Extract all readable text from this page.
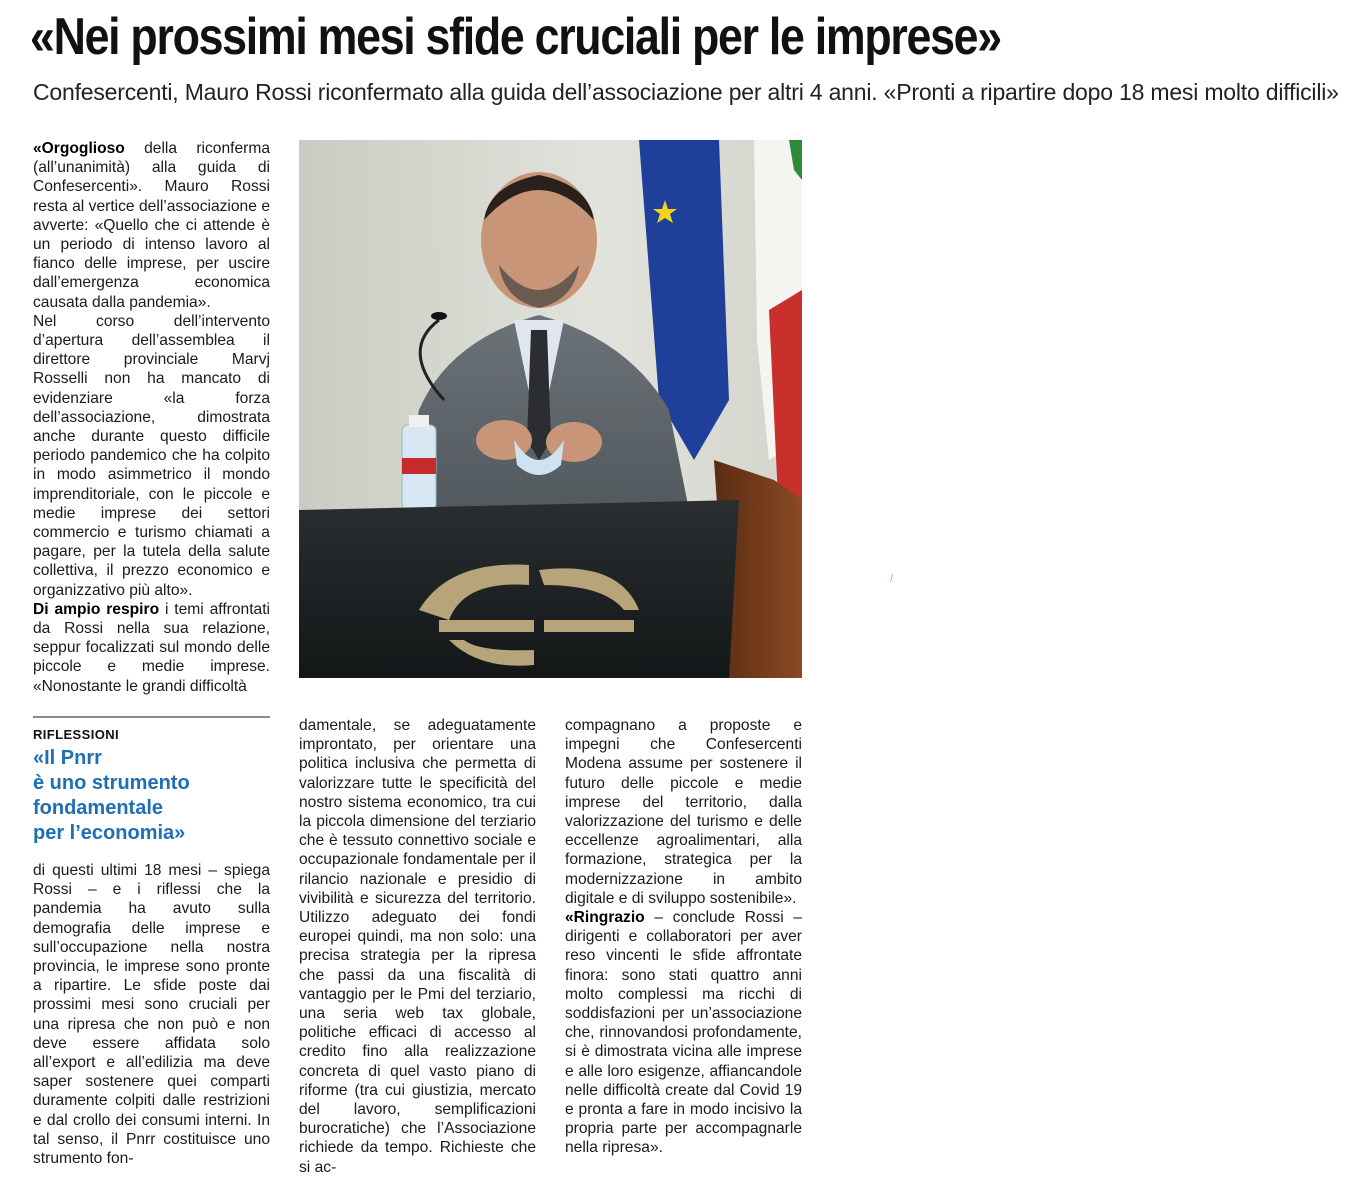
«Nei prossimi mesi sfide cruciali per le imprese»
Confesercenti, Mauro Rossi riconfermato alla guida dell’associazione per altri 4 anni. «Pronti a ripartire dopo 18 mesi molto difficili»

«Orgoglioso della riconferma (all’unanimità) alla guida di Confesercenti». Mauro Rossi resta al vertice dell’associazione e avverte: «Quello che ci attende è un periodo di intenso lavoro al fianco delle imprese, per uscire dall’emergenza economica causata dalla pandemia».

Nel corso dell’intervento d’apertura dell’assemblea il direttore provinciale Marvj Rosselli non ha mancato di evidenziare «la forza dell’associazione, dimostrata anche durante questo difficile periodo pandemico che ha colpito in modo asimmetrico il mondo imprenditoriale, con le piccole e medie imprese dei settori commercio e turismo chiamati a pagare, per la tutela della salute collettiva, il prezzo economico e organizzativo più alto».

Di ampio respiro i temi affrontati da Rossi nella sua relazione, seppur focalizzati sul mondo delle piccole e medie imprese. «Nonostante le grandi difficoltà

RIFLESSIONI
«Il Pnrr
è uno strumento
fondamentale
per l’economia»

di questi ultimi 18 mesi – spiega Rossi – e i riflessi che la pandemia ha avuto sulla demografia delle imprese e sull’occupazione nella nostra provincia, le imprese sono pronte a ripartire. Le sfide poste dai prossimi mesi sono cruciali per una ripresa che non può e non deve essere affidata solo all’export e all’edilizia ma deve saper sostenere quei comparti duramente colpiti dalle restrizioni e dal crollo dei consumi interni. In tal senso, il Pnrr costituisce uno strumento fon-

damentale, se adeguatamente improntato, per orientare una politica inclusiva che permetta di valorizzare tutte le specificità del nostro sistema economico, tra cui la piccola dimensione del terziario che è tessuto connettivo sociale e occupazionale fondamentale per il rilancio nazionale e presidio di vivibilità e sicurezza del territorio. Utilizzo adeguato dei fondi europei quindi, ma non solo: una precisa strategia per la ripresa che passi da una fiscalità di vantaggio per le Pmi del terziario, una seria web tax globale, politiche efficaci di accesso al credito fino alla realizzazione concreta di quel vasto piano di riforme (tra cui giustizia, mercato del lavoro, semplificazioni burocratiche) che l’Associazione richiede da tempo. Richieste che si ac-

compagnano a proposte e impegni che Confesercenti Modena assume per sostenere il futuro delle piccole e medie imprese del territorio, dalla valorizzazione del turismo e delle eccellenze agroalimentari, alla formazione, strategica per la modernizzazione in ambito digitale e di sviluppo sostenibile».

«Ringrazio – conclude Rossi – dirigenti e collaboratori per aver reso vincenti le sfide affrontate finora: sono stati quattro anni molto complessi ma ricchi di soddisfazioni per un’associazione che, rinnovandosi profondamente, si è dimostrata vicina alle imprese e alle loro esigenze, affiancandole nelle difficoltà create dal Covid 19 e pronta a fare in modo incisivo la propria parte per accompagnarle nella ripresa».

/
